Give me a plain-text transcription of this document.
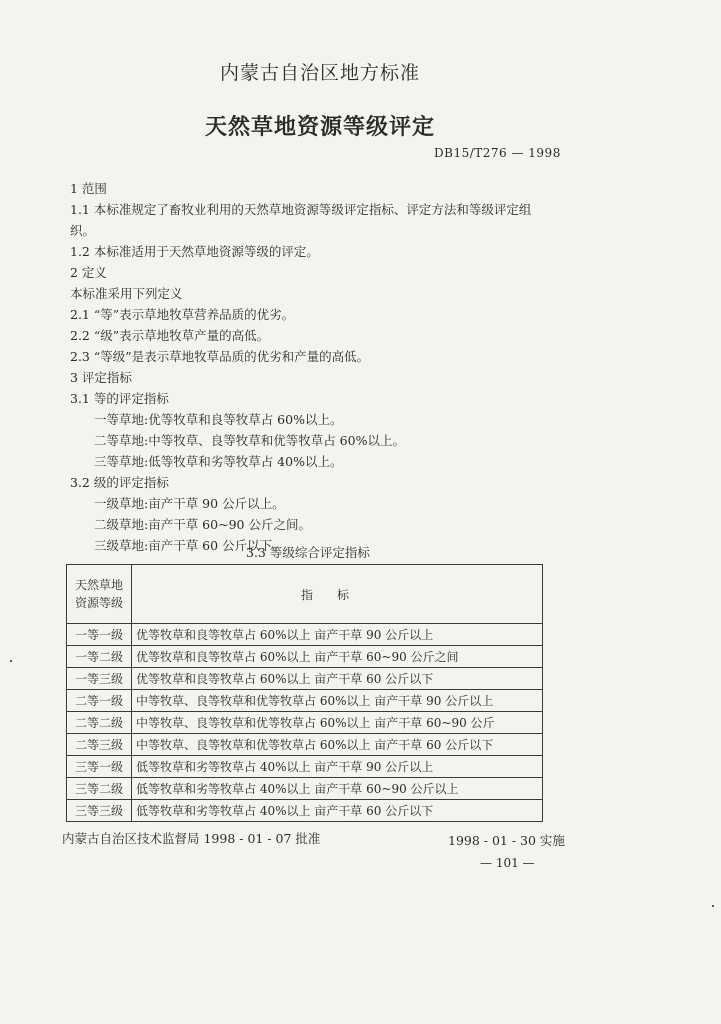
内蒙古自治区地方标准
天然草地资源等级评定
DB15/T276 — 1998
1 范围
1.1 本标准规定了畜牧业利用的天然草地资源等级评定指标、评定方法和等级评定组
织。
1.2 本标准适用于天然草地资源等级的评定。
2 定义
本标准采用下列定义
2.1 “等”表示草地牧草营养品质的优劣。
2.2 “级”表示草地牧草产量的高低。
2.3 “等级”是表示草地牧草品质的优劣和产量的高低。
3 评定指标
3.1 等的评定指标
一等草地:优等牧草和良等牧草占 60%以上。
二等草地:中等牧草、良等牧草和优等牧草占 60%以上。
三等草地:低等牧草和劣等牧草占 40%以上。
3.2 级的评定指标
一级草地:亩产干草 90 公斤以上。
二级草地:亩产干草 60~90 公斤之间。
三级草地:亩产干草 60 公斤以下。
3.3 等级综合评定指标
天然草地
资源等级	指标
一等一级	优等牧草和良等牧草占 60%以上 亩产干草 90 公斤以上
一等二级	优等牧草和良等牧草占 60%以上 亩产干草 60~90 公斤之间
一等三级	优等牧草和良等牧草占 60%以上 亩产干草 60 公斤以下
二等一级	中等牧草、良等牧草和优等牧草占 60%以上 亩产干草 90 公斤以上
二等二级	中等牧草、良等牧草和优等牧草占 60%以上 亩产干草 60~90 公斤
二等三级	中等牧草、良等牧草和优等牧草占 60%以上 亩产干草 60 公斤以下
三等一级	低等牧草和劣等牧草占 40%以上 亩产干草 90 公斤以上
三等二级	低等牧草和劣等牧草占 40%以上 亩产干草 60~90 公斤以上
三等三级	低等牧草和劣等牧草占 40%以上 亩产干草 60 公斤以下
内蒙古自治区技术监督局 1998 - 01 - 07 批准	1998 - 01 - 30 实施
— 101 —
